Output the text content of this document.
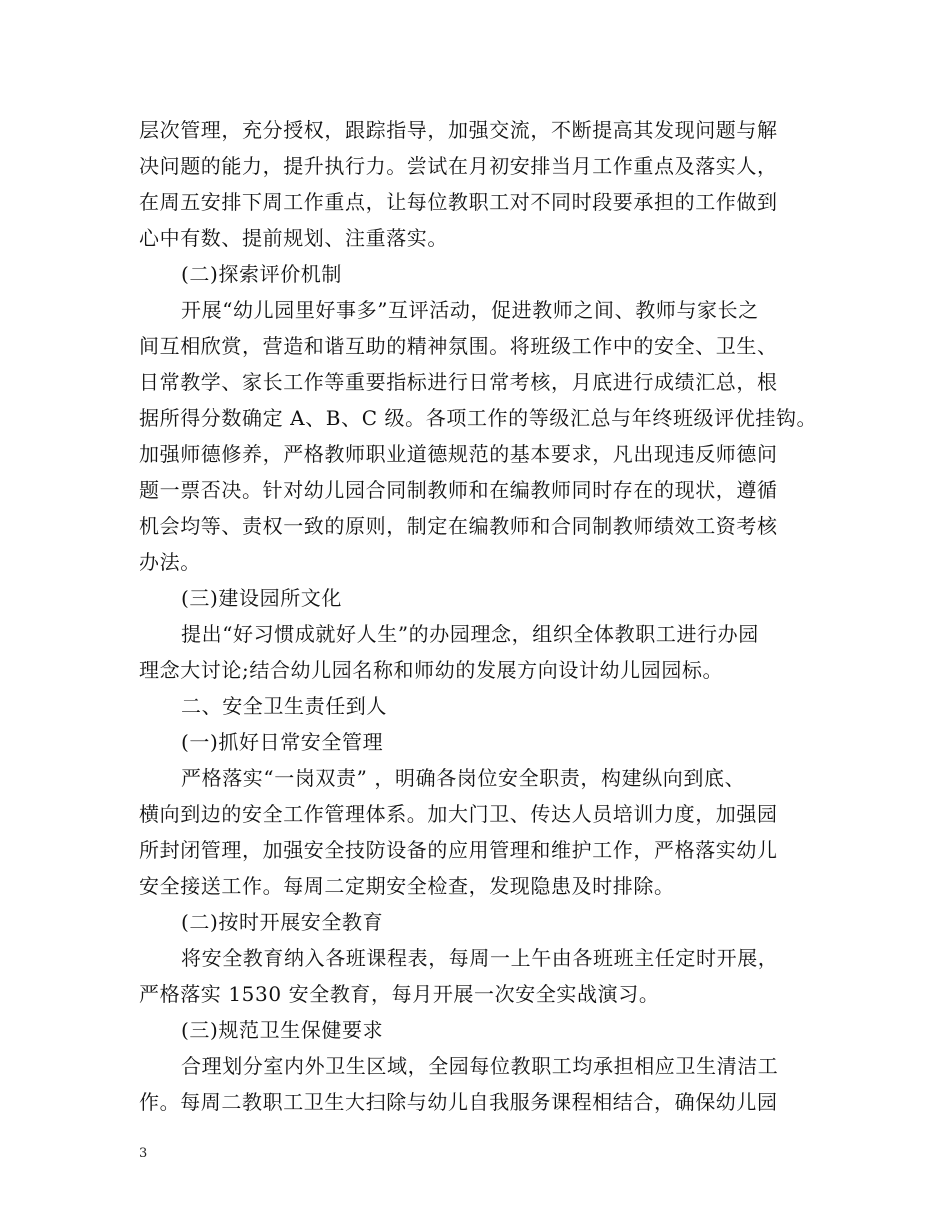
层次管理，充分授权，跟踪指导，加强交流，不断提高其发现问题与解
决问题的能力，提升执行力。尝试在月初安排当月工作重点及落实人，
在周五安排下周工作重点，让每位教职工对不同时段要承担的工作做到
心中有数、提前规划、注重落实。
(二)探索评价机制
开展“幼儿园里好事多”互评活动，促进教师之间、教师与家长之
间互相欣赏，营造和谐互助的精神氛围。将班级工作中的安全、卫生、
日常教学、家长工作等重要指标进行日常考核，月底进行成绩汇总，根
据所得分数确定 A、B、C 级。各项工作的等级汇总与年终班级评优挂钩。
加强师德修养，严格教师职业道德规范的基本要求，凡出现违反师德问
题一票否决。针对幼儿园合同制教师和在编教师同时存在的现状，遵循
机会均等、责权一致的原则，制定在编教师和合同制教师绩效工资考核
办法。
(三)建设园所文化
提出“好习惯成就好人生”的办园理念，组织全体教职工进行办园
理念大讨论;结合幼儿园名称和师幼的发展方向设计幼儿园园标。
二、安全卫生责任到人
(一)抓好日常安全管理
严格落实“一岗双责” ，明确各岗位安全职责，构建纵向到底、
横向到边的安全工作管理体系。加大门卫、传达人员培训力度，加强园
所封闭管理，加强安全技防设备的应用管理和维护工作，严格落实幼儿
安全接送工作。每周二定期安全检查，发现隐患及时排除。
(二)按时开展安全教育
将安全教育纳入各班课程表，每周一上午由各班班主任定时开展，
严格落实 1530 安全教育，每月开展一次安全实战演习。
(三)规范卫生保健要求
合理划分室内外卫生区域，全园每位教职工均承担相应卫生清洁工
作。每周二教职工卫生大扫除与幼儿自我服务课程相结合，确保幼儿园
3
